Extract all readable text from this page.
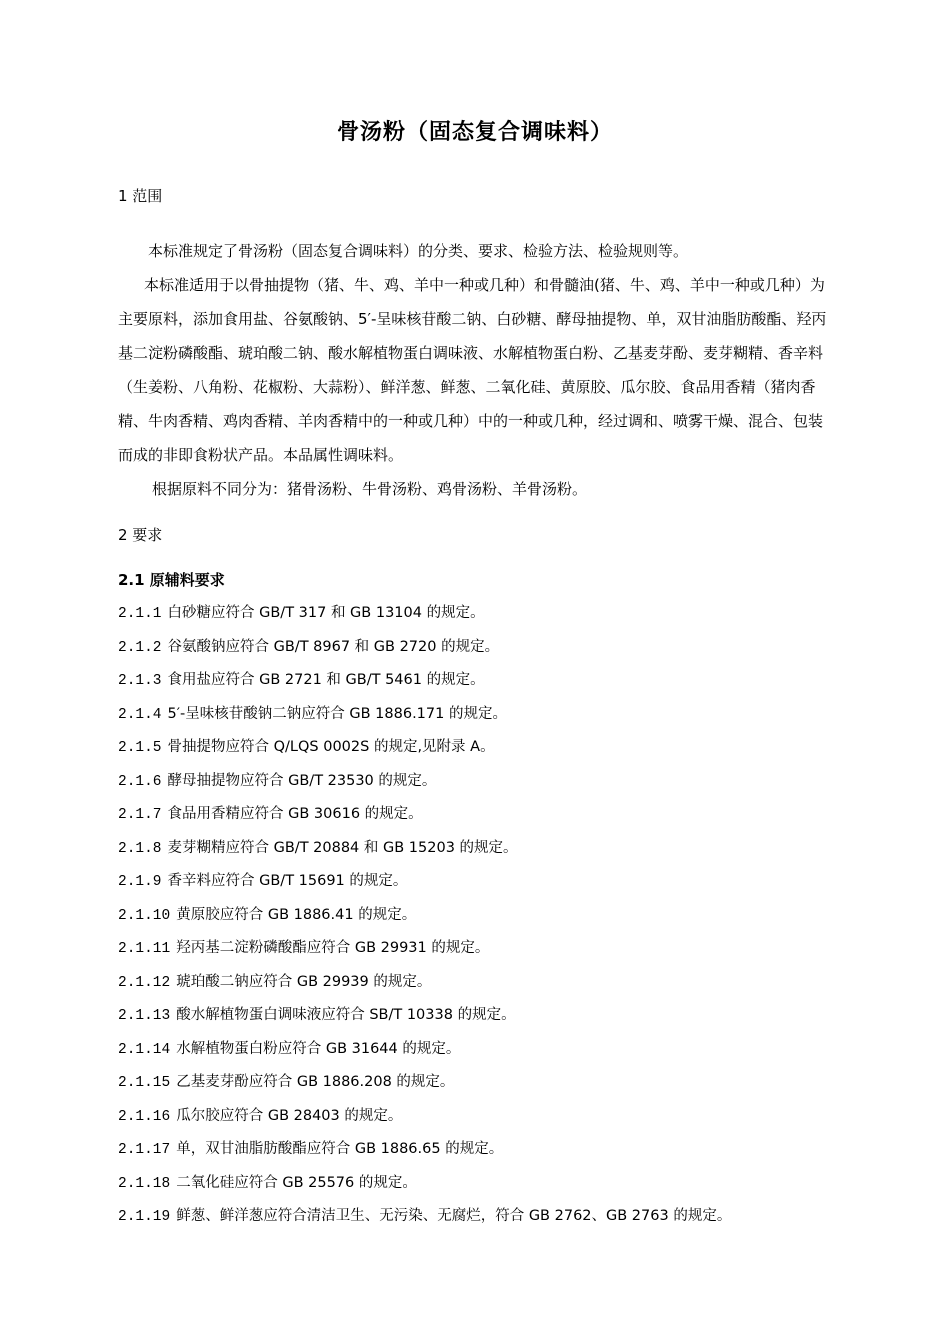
骨汤粉（固态复合调味料）
1 范围

本标准规定了骨汤粉（固态复合调味料）的分类、要求、检验方法、检验规则等。

本标准适用于以骨抽提物（猪、牛、鸡、羊中一种或几种）和骨髓油(猪、牛、鸡、羊中一种或几种）为主要原料，添加食用盐、谷氨酸钠、5′-呈味核苷酸二钠、白砂糖、酵母抽提物、单，双甘油脂肪酸酯、羟丙基二淀粉磷酸酯、琥珀酸二钠、酸水解植物蛋白调味液、水解植物蛋白粉、乙基麦芽酚、麦芽糊精、香辛料（生姜粉、八角粉、花椒粉、大蒜粉）、鲜洋葱、鲜葱、二氧化硅、黄原胶、瓜尔胶、食品用香精（猪肉香精、牛肉香精、鸡肉香精、羊肉香精中的一种或几种）中的一种或几种，经过调和、喷雾干燥、混合、包装而成的非即食粉状产品。本品属性调味料。

根据原料不同分为：猪骨汤粉、牛骨汤粉、鸡骨汤粉、羊骨汤粉。

2 要求
2.1 原辅料要求
2.1.1 白砂糖应符合 GB/T 317 和 GB 13104 的规定。
2.1.2 谷氨酸钠应符合 GB/T 8967 和 GB 2720 的规定。
2.1.3 食用盐应符合 GB 2721 和 GB/T 5461 的规定。
2.1.4 5′-呈味核苷酸钠二钠应符合 GB 1886.171 的规定。
2.1.5 骨抽提物应符合 Q/LQS 0002S 的规定,见附录 A。
2.1.6 酵母抽提物应符合 GB/T 23530 的规定。
2.1.7 食品用香精应符合 GB 30616 的规定。
2.1.8 麦芽糊精应符合 GB/T 20884 和 GB 15203 的规定。
2.1.9 香辛料应符合 GB/T 15691 的规定。
2.1.10 黄原胶应符合 GB 1886.41 的规定。
2.1.11 羟丙基二淀粉磷酸酯应符合 GB 29931 的规定。
2.1.12 琥珀酸二钠应符合 GB 29939 的规定。
2.1.13 酸水解植物蛋白调味液应符合 SB/T 10338 的规定。
2.1.14 水解植物蛋白粉应符合 GB 31644 的规定。
2.1.15 乙基麦芽酚应符合 GB 1886.208 的规定。
2.1.16 瓜尔胶应符合 GB 28403 的规定。
2.1.17 单，双甘油脂肪酸酯应符合 GB 1886.65 的规定。
2.1.18 二氧化硅应符合 GB 25576 的规定。
2.1.19 鲜葱、鲜洋葱应符合清洁卫生、无污染、无腐烂，符合 GB 2762、GB 2763 的规定。
